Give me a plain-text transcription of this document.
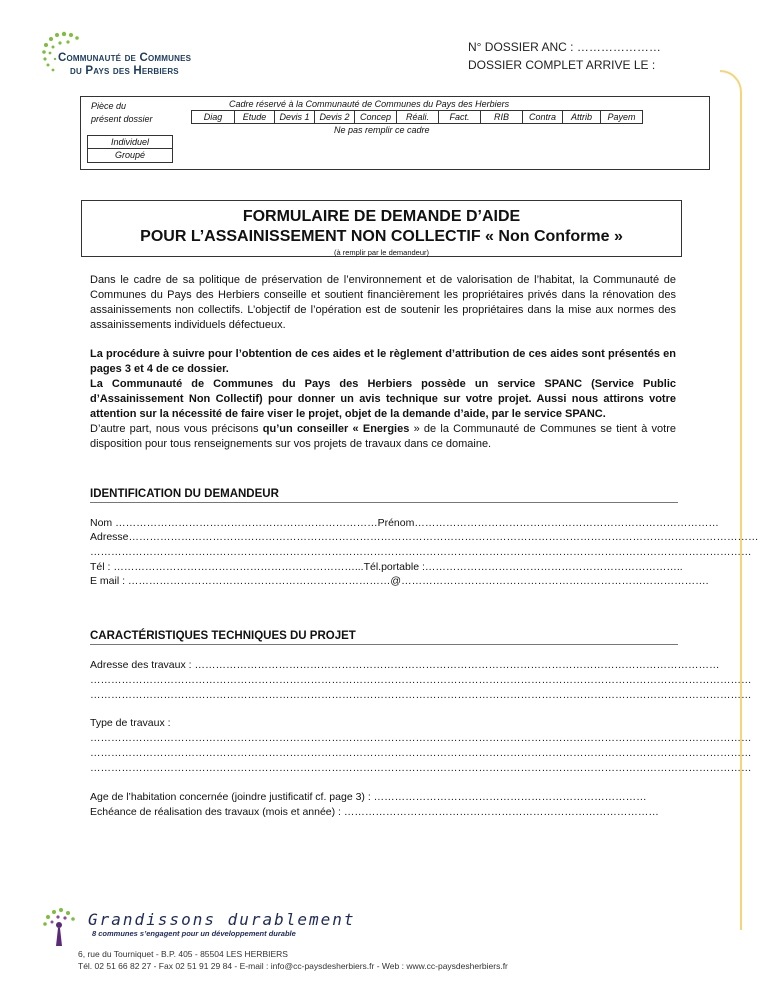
Communauté de Communes
du Pays des Herbiers
N° DOSSIER ANC : …………………
DOSSIER COMPLET ARRIVE LE :
Pièce du
présent dossier
Individuel
Groupé
Cadre réservé à la Communauté de Communes du Pays des Herbiers
Diag	Etude	Devis 1	Devis 2	Concep	Réali.	Fact.	RIB	Contra	Attrib	Payem
Ne pas remplir ce cadre
FORMULAIRE DE DEMANDE D’AIDE
POUR L’ASSAINISSEMENT NON COLLECTIF « Non Conforme »
(à remplir par le demandeur)
Dans le cadre de sa politique de préservation de l’environnement et de valorisation de l’habitat, la Communauté de Communes du Pays des Herbiers conseille et soutient financièrement les propriétaires privés dans la rénovation des assainissements non collectifs. L’objectif de l’opération est de soutenir les propriétaires dans la mise aux normes des assainissements individuels défectueux.
La procédure à suivre pour l’obtention de ces aides et le règlement d’attribution de ces aides sont présentés en pages 3 et 4 de ce dossier.
La Communauté de Communes du Pays des Herbiers possède un service SPANC (Service Public d’Assainissement Non Collectif) pour donner un avis technique sur votre projet. Aussi nous attirons votre attention sur la nécessité de faire viser le projet, objet de la demande d’aide, par le service SPANC.
D’autre part, nous vous précisons qu’un conseiller « Energies » de la Communauté de Communes se tient à votre disposition pour tous renseignements sur vos projets de travaux dans ce domaine.
IDENTIFICATION DU DEMANDEUR
Nom …………………………………………………………………Prénom……………………………………………………………………………
Adresse………………………………………………………………………………………………………………………………………………………………
………………………………………………………………………………………………………………………………………………………………………
Tél : ……………………………………………………………...Tél.portable :………………………………………………………………..
E mail : …………………………………………………………………@…………………………………………………………………………….
CARACTÉRISTIQUES TECHNIQUES DU PROJET
Adresse des travaux : ……………………………………………………………………………………………………………………………………
………………………………………………………………………………………………………………………………………………………………………
………………………………………………………………………………………………………………………………………………………………………
Type de travaux :
………………………………………………………………………………………………………………………………………………………………………
………………………………………………………………………………………………………………………………………………………………………
………………………………………………………………………………………………………………………………………………………………………
Age de l’habitation concernée (joindre justificatif cf. page 3) : ……………………………………………………………………
Echéance de réalisation des travaux (mois et année) : ………………………………………………………………………………
Grandissons durablement
8 communes s’engagent pour un développement durable
6, rue du Tourniquet - B.P. 405 - 85504 LES HERBIERS
Tél. 02 51 66 82 27 - Fax 02 51 91 29 84 - E-mail : info@cc-paysdesherbiers.fr - Web : www.cc-paysdesherbiers.fr
